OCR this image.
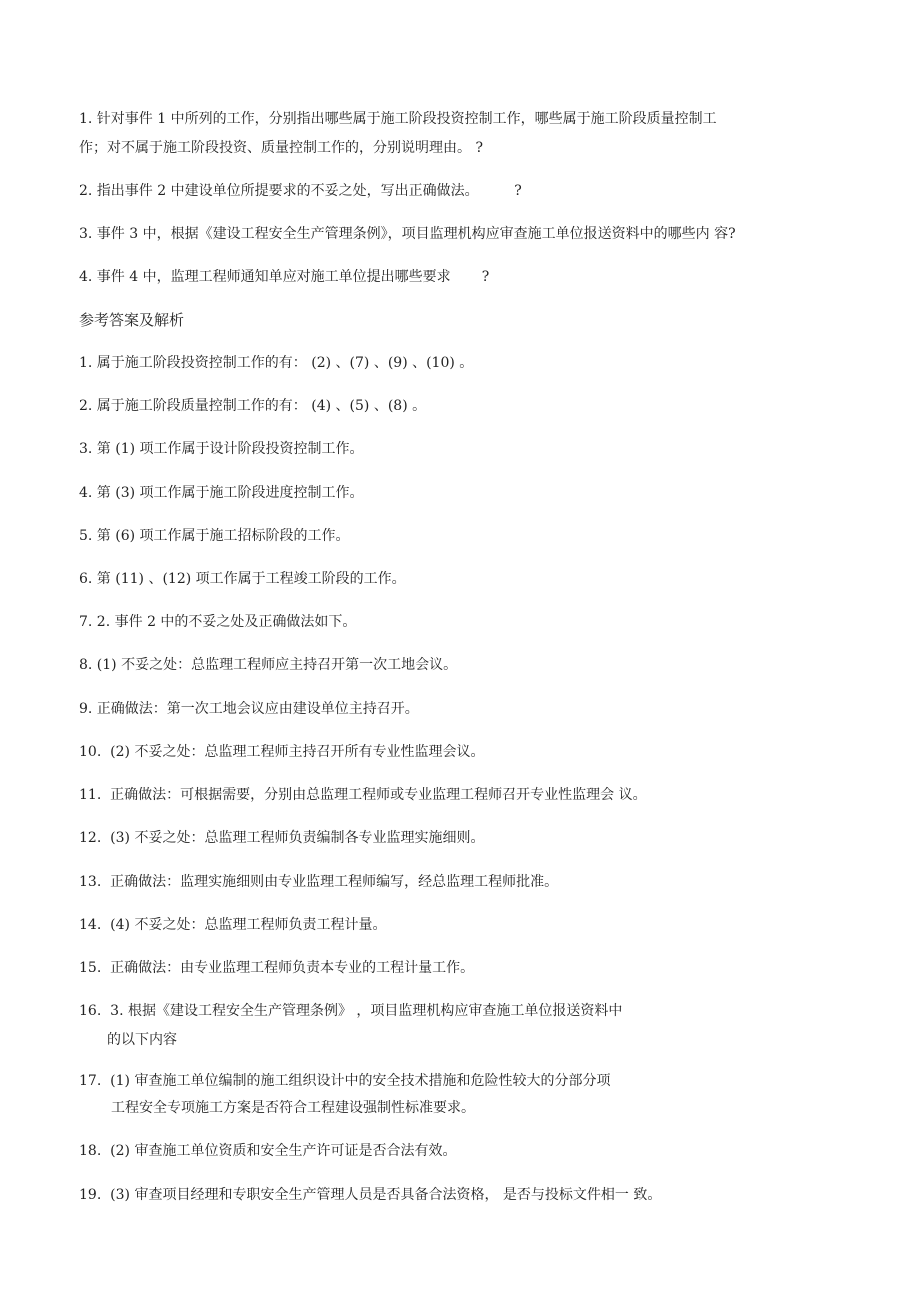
1. 针对事件 1 中所列的工作，分别指出哪些属于施工阶段投资控制工作，哪些属于施工阶段质量控制工
作；对不属于施工阶段投资、质量控制工作的，分别说明理由。 ?
2. 指出事件 2 中建设单位所提要求的不妥之处，写出正确做法。        ?
3. 事件 3 中，根据《建设工程安全生产管理条例》，项目监理机构应审查施工单位报送资料中的哪些内 容?
4. 事件 4 中，监理工程师通知单应对施工单位提出哪些要求       ?
参考答案及解析
1. 属于施工阶段投资控制工作的有： (2) 、(7) 、(9) 、(10) 。
2. 属于施工阶段质量控制工作的有： (4) 、(5) 、(8) 。
3. 第 (1) 项工作属于设计阶段投资控制工作。
4. 第 (3) 项工作属于施工阶段进度控制工作。
5. 第 (6) 项工作属于施工招标阶段的工作。
6. 第 (11) 、(12) 项工作属于工程竣工阶段的工作。
7. 2. 事件 2 中的不妥之处及正确做法如下。
8. (1) 不妥之处：总监理工程师应主持召开第一次工地会议。
9. 正确做法：第一次工地会议应由建设单位主持召开。
10.  (2) 不妥之处：总监理工程师主持召开所有专业性监理会议。
11.  正确做法：可根据需要，分别由总监理工程师或专业监理工程师召开专业性监理会 议。
12.  (3) 不妥之处：总监理工程师负责编制各专业监理实施细则。
13.  正确做法：监理实施细则由专业监理工程师编写，经总监理工程师批准。
14.  (4) 不妥之处：总监理工程师负责工程计量。
15.  正确做法：由专业监理工程师负责本专业的工程计量工作。
16.  3. 根据《建设工程安全生产管理条例》 ，项目监理机构应审查施工单位报送资料中
的以下内容
17.  (1) 审查施工单位编制的施工组织设计中的安全技术措施和危险性较大的分部分项
工程安全专项施工方案是否符合工程建设强制性标准要求。
18.  (2) 审查施工单位资质和安全生产许可证是否合法有效。
19.  (3) 审查项目经理和专职安全生产管理人员是否具备合法资格， 是否与投标文件相一 致。
